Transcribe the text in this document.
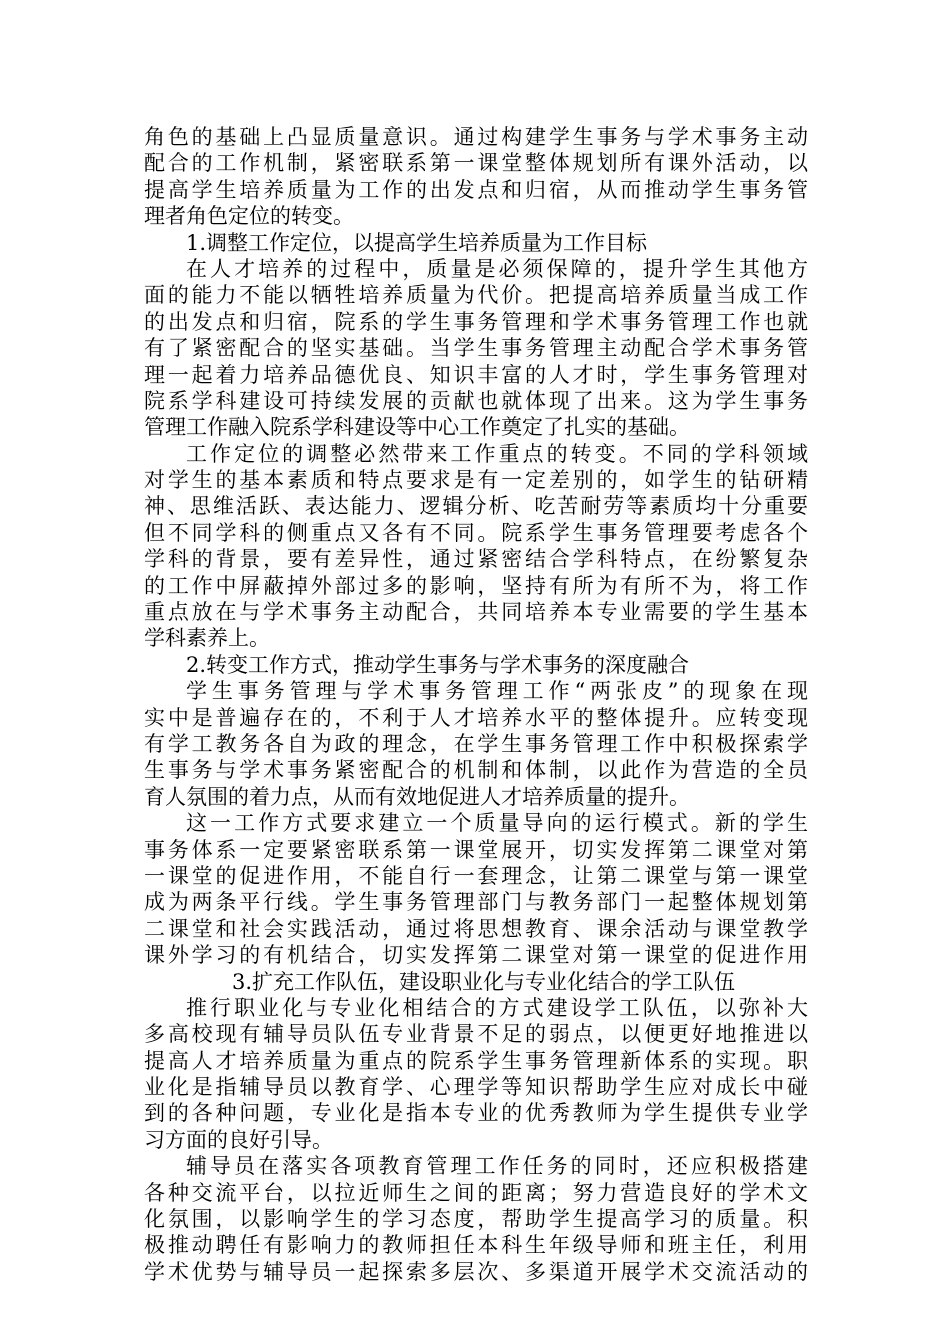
角色的基础上凸显质量意识。通过构建学生事务与学术事务主动
配合的工作机制，紧密联系第一课堂整体规划所有课外活动，以
提高学生培养质量为工作的出发点和归宿，从而推动学生事务管
理者角色定位的转变。
1.调整工作定位，以提高学生培养质量为工作目标
在人才培养的过程中，质量是必须保障的，提升学生其他方
面的能力不能以牺牲培养质量为代价。把提高培养质量当成工作
的出发点和归宿，院系的学生事务管理和学术事务管理工作也就
有了紧密配合的坚实基础。当学生事务管理主动配合学术事务管
理一起着力培养品德优良、知识丰富的人才时，学生事务管理对
院系学科建设可持续发展的贡献也就体现了出来。这为学生事务
管理工作融入院系学科建设等中心工作奠定了扎实的基础。
工作定位的调整必然带来工作重点的转变。不同的学科领域
对学生的基本素质和特点要求是有一定差别的，如学生的钻研精
神、思维活跃、表达能力、逻辑分析、吃苦耐劳等素质均十分重要
但不同学科的侧重点又各有不同。院系学生事务管理要考虑各个
学科的背景，要有差异性，通过紧密结合学科特点，在纷繁复杂
的工作中屏蔽掉外部过多的影响，坚持有所为有所不为，将工作
重点放在与学术事务主动配合，共同培养本专业需要的学生基本
学科素养上。
2.转变工作方式，推动学生事务与学术事务的深度融合
学生事务管理与学术事务管理工作“两张皮”的现象在现
实中是普遍存在的，不利于人才培养水平的整体提升。应转变现
有学工教务各自为政的理念，在学生事务管理工作中积极探索学
生事务与学术事务紧密配合的机制和体制，以此作为营造的全员
育人氛围的着力点，从而有效地促进人才培养质量的提升。
这一工作方式要求建立一个质量导向的运行模式。新的学生
事务体系一定要紧密联系第一课堂展开，切实发挥第二课堂对第
一课堂的促进作用，不能自行一套理念，让第二课堂与第一课堂
成为两条平行线。学生事务管理部门与教务部门一起整体规划第
二课堂和社会实践活动，通过将思想教育、课余活动与课堂教学
课外学习的有机结合，切实发挥第二课堂对第一课堂的促进作用
3.扩充工作队伍，建设职业化与专业化结合的学工队伍
推行职业化与专业化相结合的方式建设学工队伍，以弥补大
多高校现有辅导员队伍专业背景不足的弱点，以便更好地推进以
提高人才培养质量为重点的院系学生事务管理新体系的实现。职
业化是指辅导员以教育学、心理学等知识帮助学生应对成长中碰
到的各种问题，专业化是指本专业的优秀教师为学生提供专业学
习方面的良好引导。
辅导员在落实各项教育管理工作任务的同时，还应积极搭建
各种交流平台，以拉近师生之间的距离；努力营造良好的学术文
化氛围，以影响学生的学习态度，帮助学生提高学习的质量。积
极推动聘任有影响力的教师担任本科生年级导师和班主任，利用
学术优势与辅导员一起探索多层次、多渠道开展学术交流活动的
